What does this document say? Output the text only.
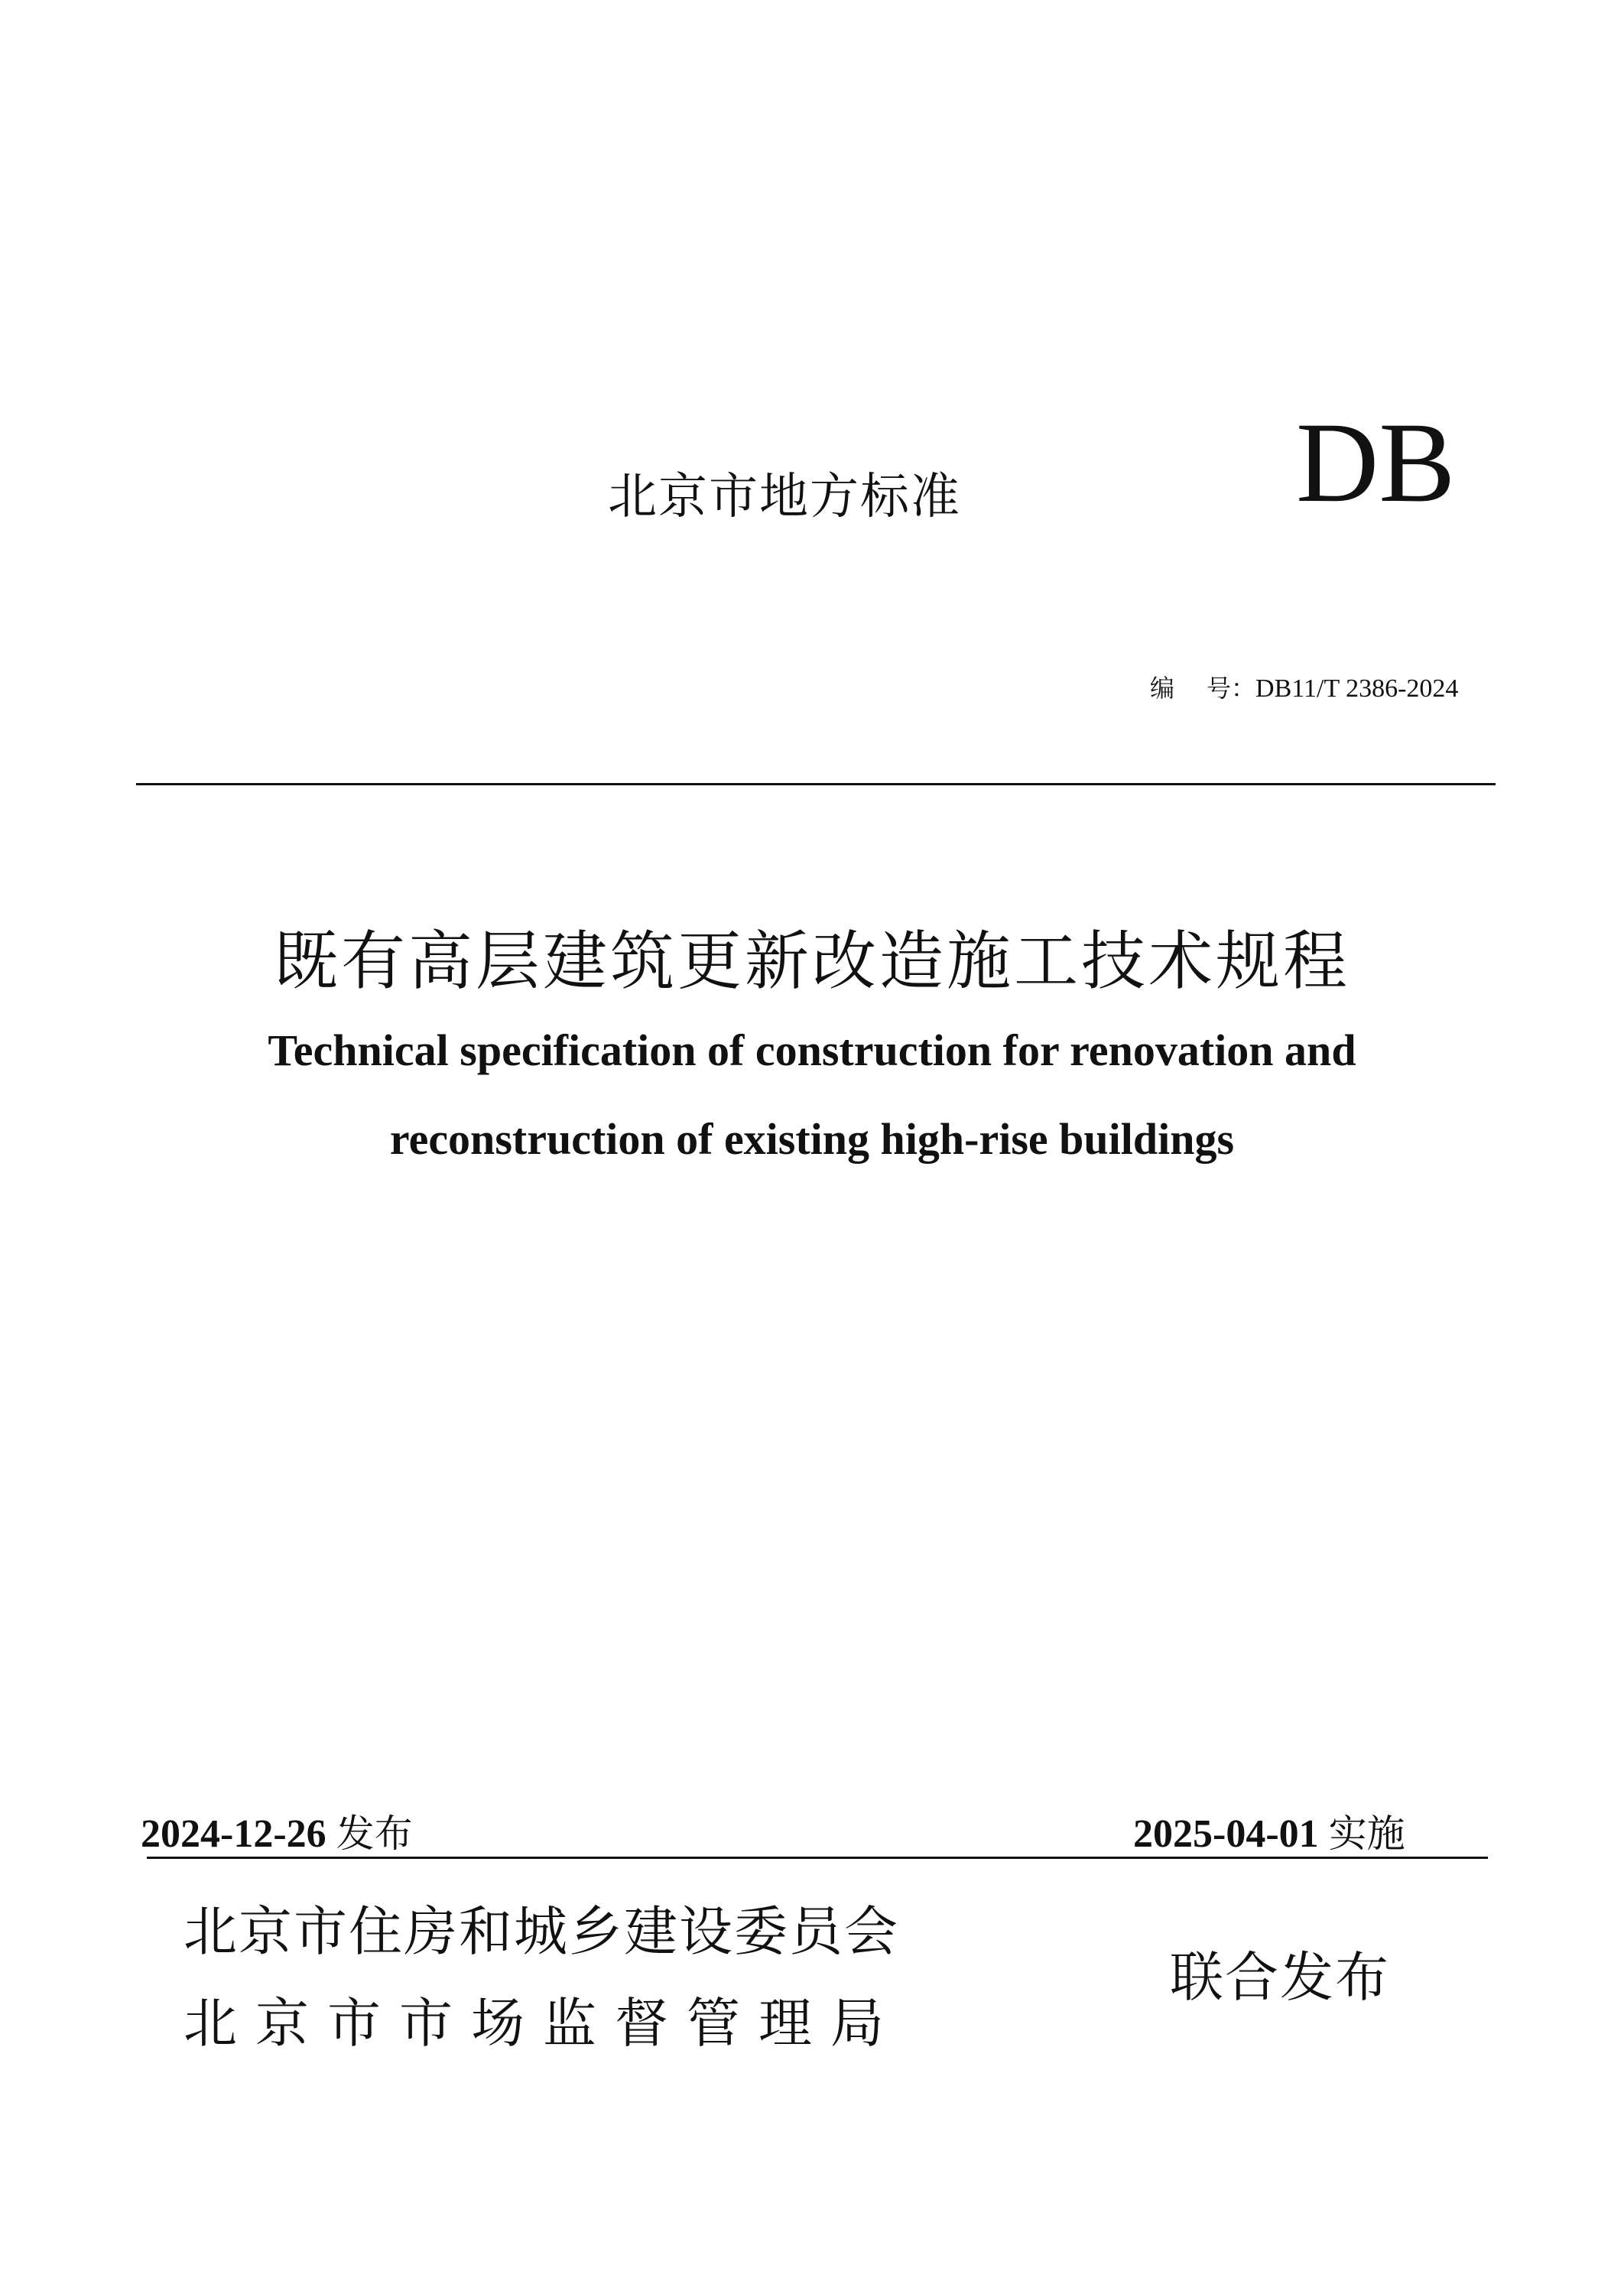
北京市地方标准	DB
编 号：DB11/T 2386-2024
既有高层建筑更新改造施工技术规程
Technical specification of construction for renovation and
reconstruction of existing high-rise buildings
2024-12-26 发布	2025-04-01 实施
北京市住房和城乡建设委员会
北京市市场监督管理局
联合发布
